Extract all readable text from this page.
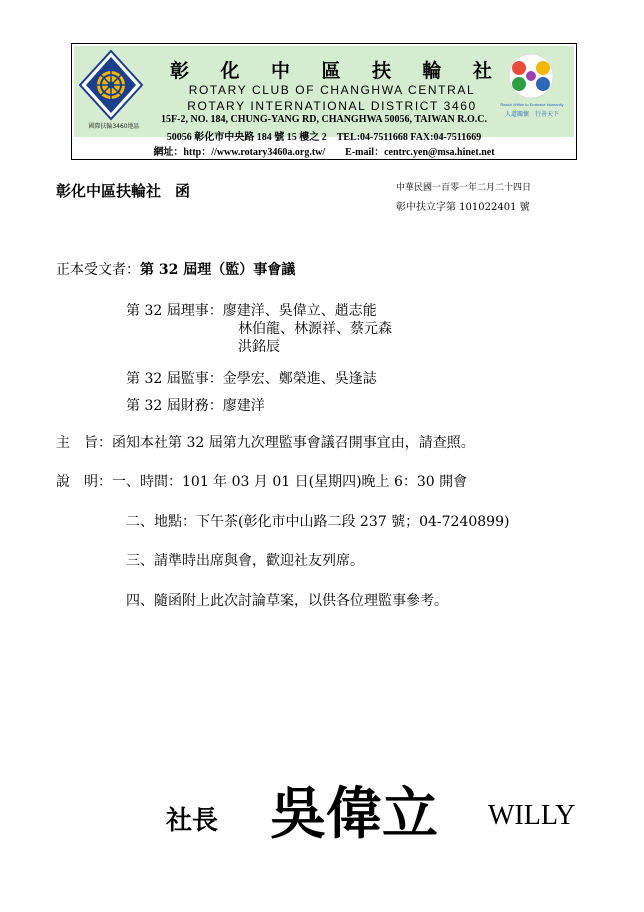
國際扶輪3460地區
彰 化 中 區 扶 輪 社
ROTARY CLUB OF CHANGHWA CENTRAL
ROTARY INTERNATIONAL DISTRICT 3460	Reach Within to Embrace Humanity
人道關懷　行善天下
15F-2, NO. 184, CHUNG-YANG RD, CHANGHWA 50056, TAIWAN R.O.C.
50056 彰化市中央路 184 號 15 樓之 2　TEL:04-7511668 FAX:04-7511669
網址：http：//www.rotary3460a.org.tw/　　E-mail：centrc.yen@msa.hinet.net
彰化中區扶輪社 函	中華民國一百零一年二月二十四日
彰中扶立字第 101022401 號
正本受文者：第 32 屆理（監）事會議
第 32 屆理事：廖建洋、吳偉立、趙志能
林伯龍、林源祥、蔡元森
洪銘辰
第 32 屆監事：金學宏、鄭榮進、吳逢誌
第 32 屆財務：廖建洋
主　旨：函知本社第 32 屆第九次理監事會議召開事宜由，請查照。
說　明：一、時間：101 年 03 月 01 日(星期四)晚上 6：30 開會
二、地點：下午茶(彰化市中山路二段 237 號；04-7240899)
三、請準時出席與會，歡迎社友列席。
四、隨函附上此次討論草案，以供各位理監事參考。
社長 吳偉立 WILLY
